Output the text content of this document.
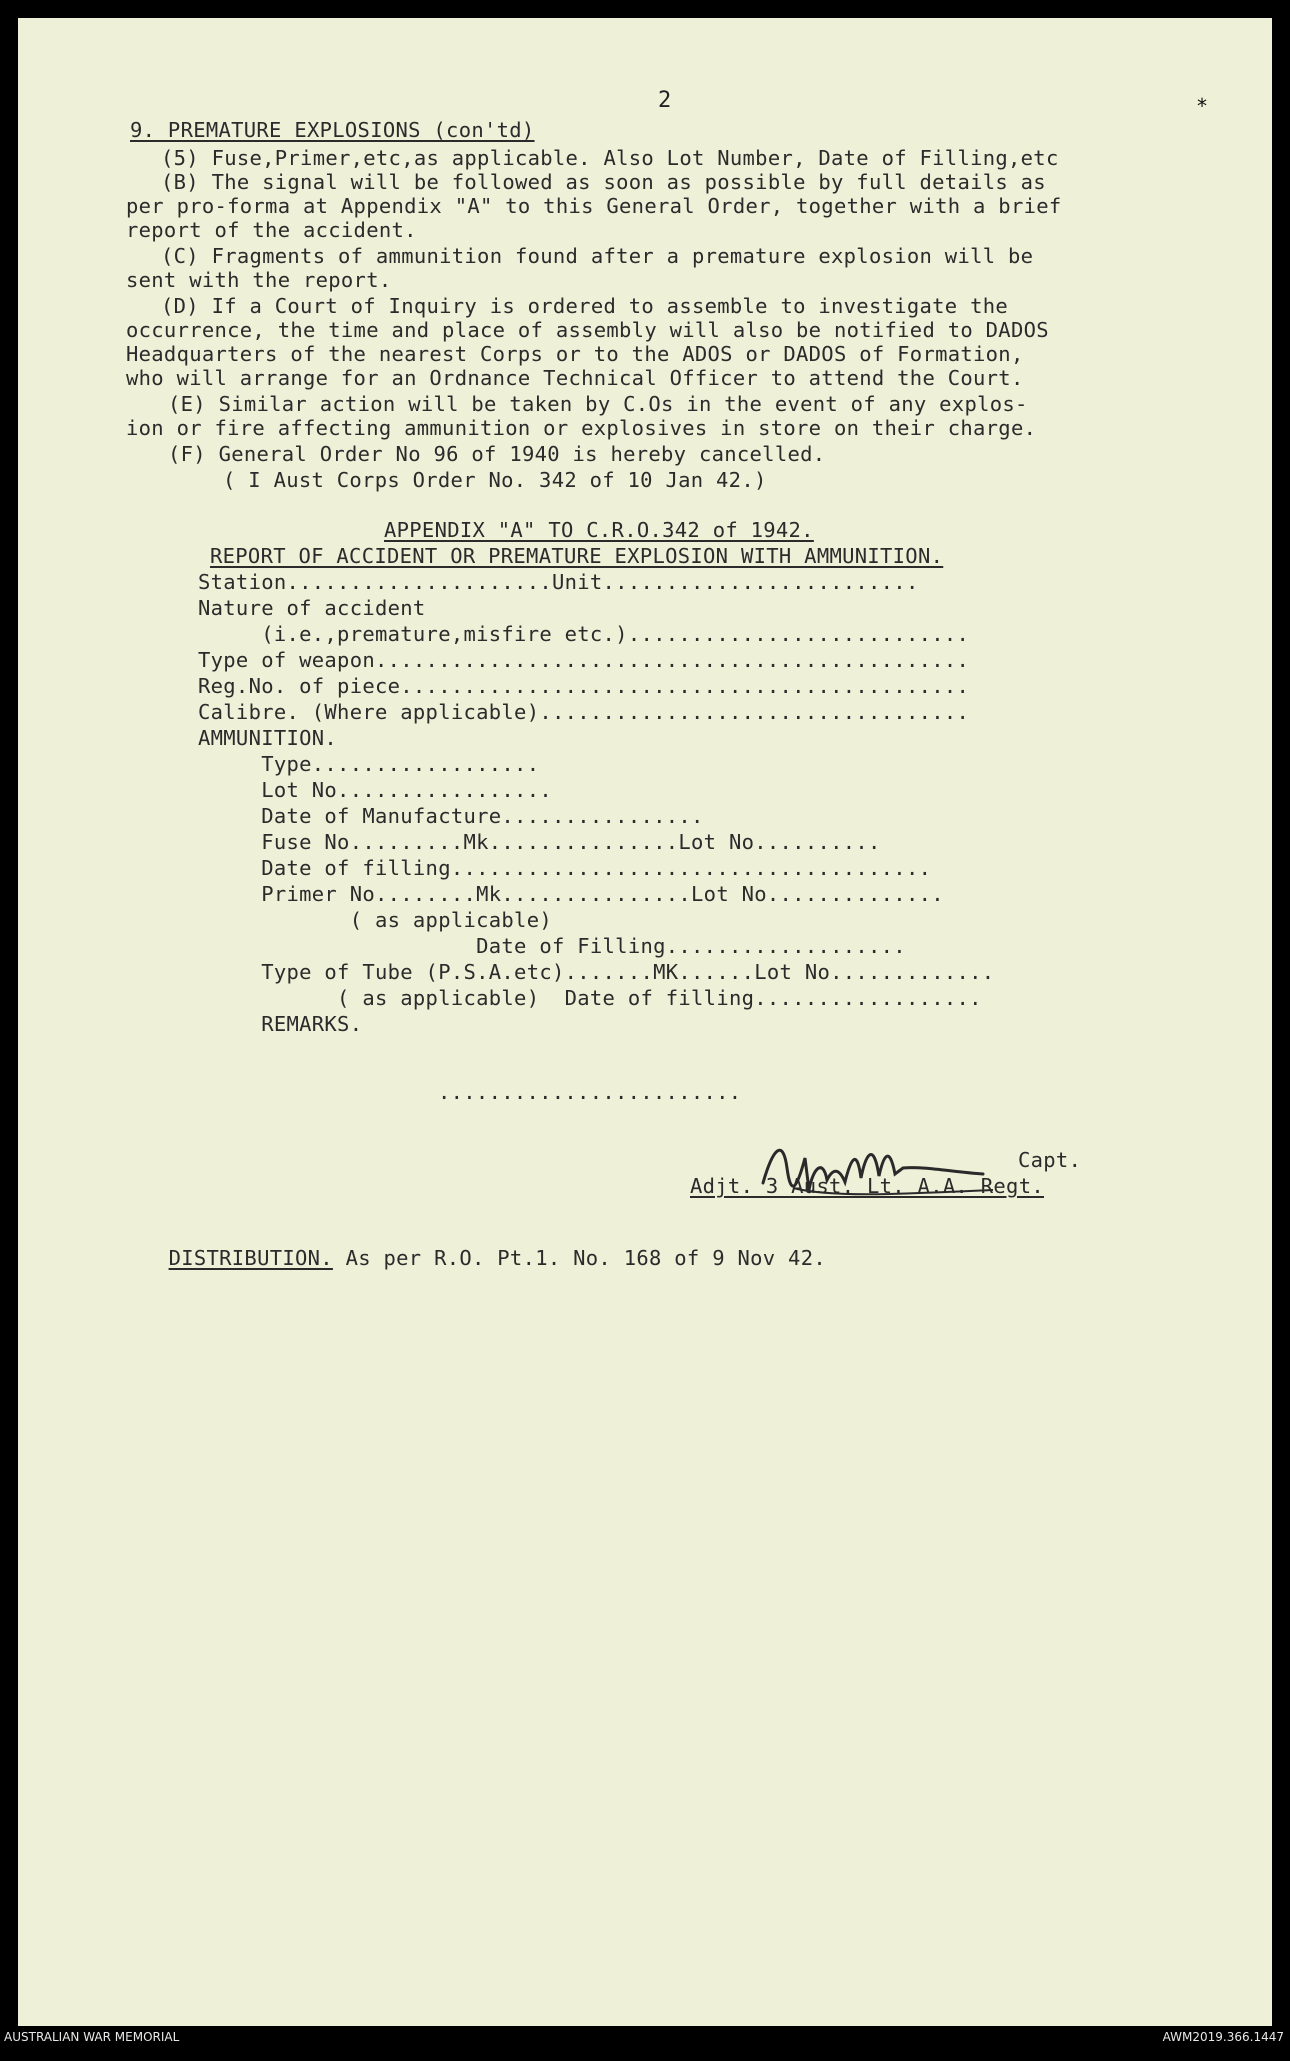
2	*
9. PREMATURE EXPLOSIONS (con'td)
(5) Fuse,Primer,etc,as applicable. Also Lot Number, Date of Filling,etc
(B) The signal will be followed as soon as possible by full details as
per pro-forma at Appendix "A" to this General Order, together with a brief
report of the accident.
(C) Fragments of ammunition found after a premature explosion will be
sent with the report.
(D) If a Court of Inquiry is ordered to assemble to investigate the
occurrence, the time and place of assembly will also be notified to DADOS
Headquarters of the nearest Corps or to the ADOS or DADOS of Formation,
who will arrange for an Ordnance Technical Officer to attend the Court.
(E) Similar action will be taken by C.Os in the event of any explos-
ion or fire affecting ammunition or explosives in store on their charge.
(F) General Order No 96 of 1940 is hereby cancelled.
( I Aust Corps Order No. 342 of 10 Jan 42.)
APPENDIX "A" TO C.R.O.342 of 1942.
REPORT OF ACCIDENT OR PREMATURE EXPLOSION WITH AMMUNITION.
Station.....................Unit.........................
Nature of accident
(i.e.,premature,misfire etc.)...........................
Type of weapon...............................................
Reg.No. of piece.............................................
Calibre. (Where applicable)..................................
AMMUNITION.
Type..................
Lot No.................
Date of Manufacture................
Fuse No.........Mk...............Lot No..........
Date of filling......................................
Primer No........Mk...............Lot No..............
( as applicable)
Date of Filling...................
Type of Tube (P.S.A.etc).......MK......Lot No.............
( as applicable)  Date of filling..................
REMARKS.
........................
Capt.
Adjt. 3 Aust. Lt. A.A. Regt.

DISTRIBUTION. As per R.O. Pt.1. No. 168 of 9 Nov 42.

AUSTRALIAN WAR MEMORIAL	AWM2019.366.1447
